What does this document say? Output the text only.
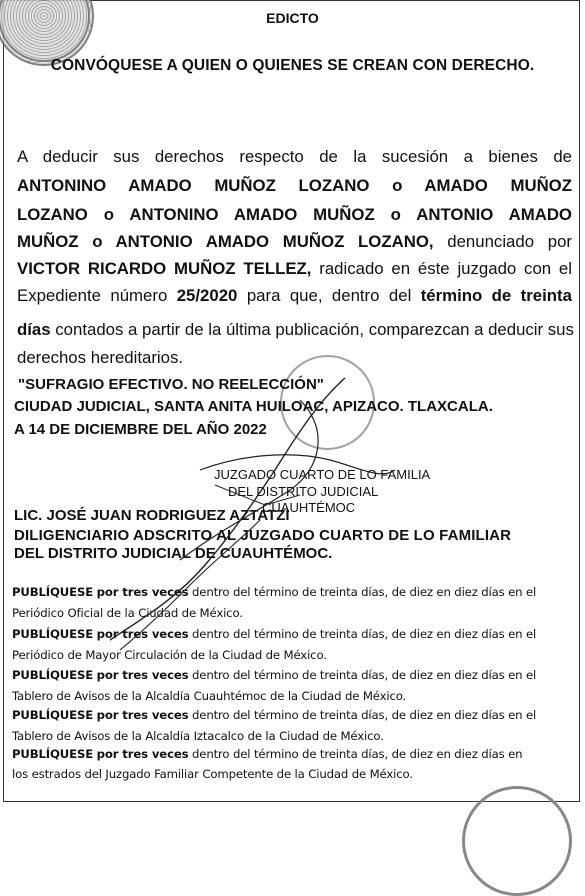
EDICTO
CONVÓQUESE A QUIEN O QUIENES SE CREAN CON DERECHO.
A deducir sus derechos respecto de la sucesión a bienes de
ANTONINO AMADO MUÑOZ LOZANO o AMADO MUÑOZ
LOZANO o ANTONINO AMADO MUÑOZ o ANTONIO AMADO
MUÑOZ o ANTONIO AMADO MUÑOZ LOZANO, denunciado por
VICTOR RICARDO MUÑOZ TELLEZ, radicado en éste juzgado con el
Expediente número 25/2020 para que, dentro del término de treinta
días contados a partir de la última publicación, comparezcan a deducir sus
derechos hereditarios.
"SUFRAGIO EFECTIVO. NO REELECCIÓN"
CIUDAD JUDICIAL, SANTA ANITA HUILOAC, APIZACO. TLAXCALA.
A 14 DE DICIEMBRE DEL AÑO 2022
JUZGADO CUARTO DE LO FAMILIA
DEL DISTRITO JUDICIAL
CUAUHTÉMOC
LIC. JOSÉ JUAN RODRIGUEZ AZTATZI
DILIGENCIARIO ADSCRITO AL JUZGADO CUARTO DE LO FAMILIAR
DEL DISTRITO JUDICIAL DE CUAUHTÉMOC.
PUBLÍQUESE por tres veces dentro del término de treinta días, de diez en diez días en el
Periódico Oficial de la Ciudad de México.
PUBLÍQUESE por tres veces dentro del término de treinta días, de diez en diez días en el
Periódico de Mayor Circulación de la Ciudad de México.
PUBLÍQUESE por tres veces dentro del término de treinta días, de diez en diez días en el
Tablero de Avisos de la Alcaldía Cuauhtémoc de la Ciudad de México.
PUBLÍQUESE por tres veces dentro del término de treinta días, de diez en diez días en el
Tablero de Avisos de la Alcaldía Iztacalco de la Ciudad de México.
PUBLÍQUESE por tres veces dentro del término de treinta días, de diez en diez días en
los estrados del Juzgado Familiar Competente de la Ciudad de México.
